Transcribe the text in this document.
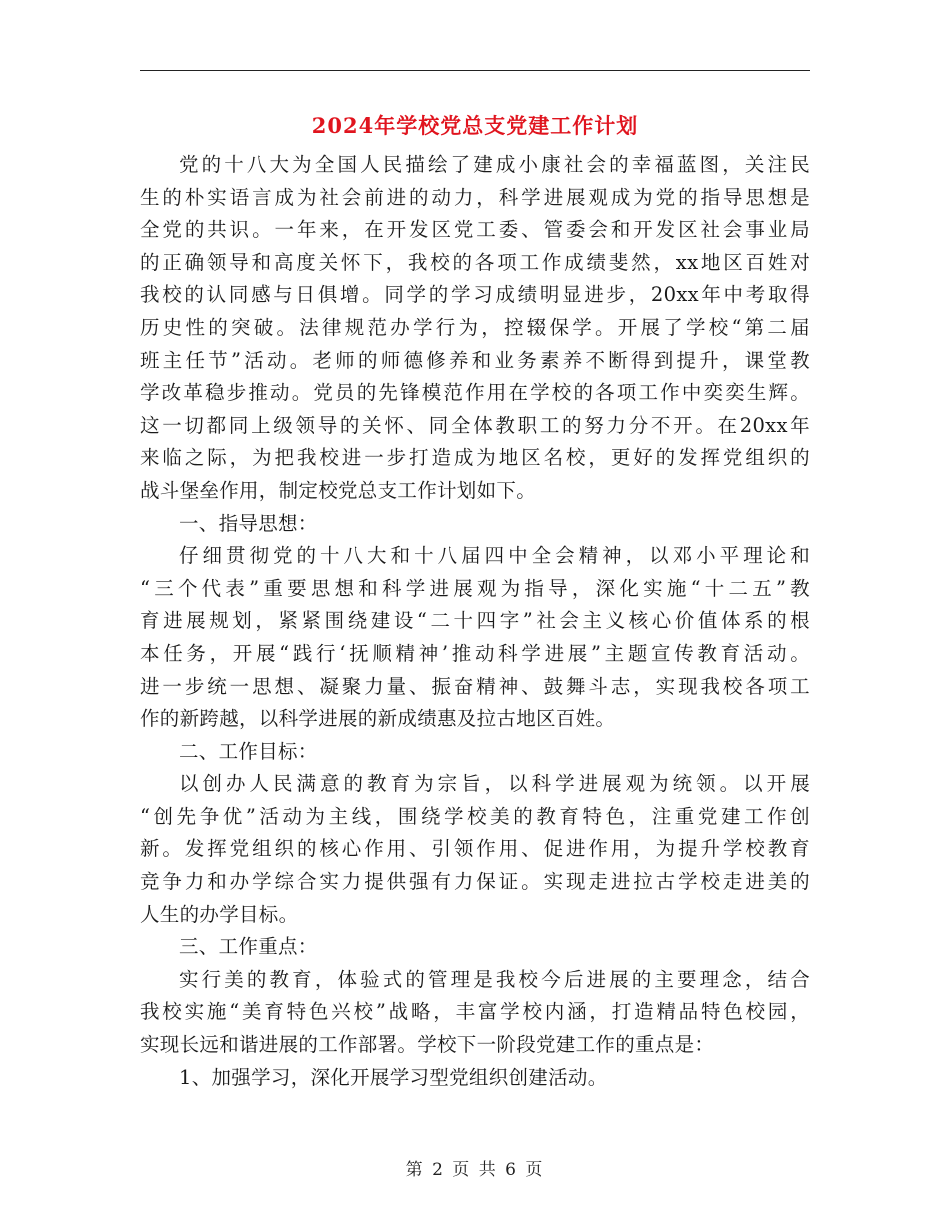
2024年学校党总支党建工作计划

党的十八大为全国人民描绘了建成小康社会的幸福蓝图，关注民
生的朴实语言成为社会前进的动力，科学进展观成为党的指导思想是
全党的共识。一年来，在开发区党工委、管委会和开发区社会事业局
的正确领导和高度关怀下，我校的各项工作成绩斐然，xx地区百姓对
我校的认同感与日俱增。同学的学习成绩明显进步，20xx年中考取得
历史性的突破。法律规范办学行为，控辍保学。开展了学校“第二届
班主任节”活动。老师的师德修养和业务素养不断得到提升，课堂教
学改革稳步推动。党员的先锋模范作用在学校的各项工作中奕奕生辉。
这一切都同上级领导的关怀、同全体教职工的努力分不开。在20xx年
来临之际，为把我校进一步打造成为地区名校，更好的发挥党组织的
战斗堡垒作用，制定校党总支工作计划如下。

一、指导思想：

仔细贯彻党的十八大和十八届四中全会精神，以邓小平理论和
“三个代表”重要思想和科学进展观为指导，深化实施“十二五”教
育进展规划，紧紧围绕建设“二十四字”社会主义核心价值体系的根
本任务，开展“践行‘抚顺精神’推动科学进展”主题宣传教育活动。
进一步统一思想、凝聚力量、振奋精神、鼓舞斗志，实现我校各项工
作的新跨越，以科学进展的新成绩惠及拉古地区百姓。

二、工作目标：

以创办人民满意的教育为宗旨，以科学进展观为统领。以开展
“创先争优”活动为主线，围绕学校美的教育特色，注重党建工作创
新。发挥党组织的核心作用、引领作用、促进作用，为提升学校教育
竞争力和办学综合实力提供强有力保证。实现走进拉古学校走进美的
人生的办学目标。

三、工作重点：

实行美的教育，体验式的管理是我校今后进展的主要理念，结合
我校实施“美育特色兴校”战略，丰富学校内涵，打造精品特色校园，
实现长远和谐进展的工作部署。学校下一阶段党建工作的重点是：

1、加强学习，深化开展学习型党组织创建活动。

第 2 页 共 6 页
